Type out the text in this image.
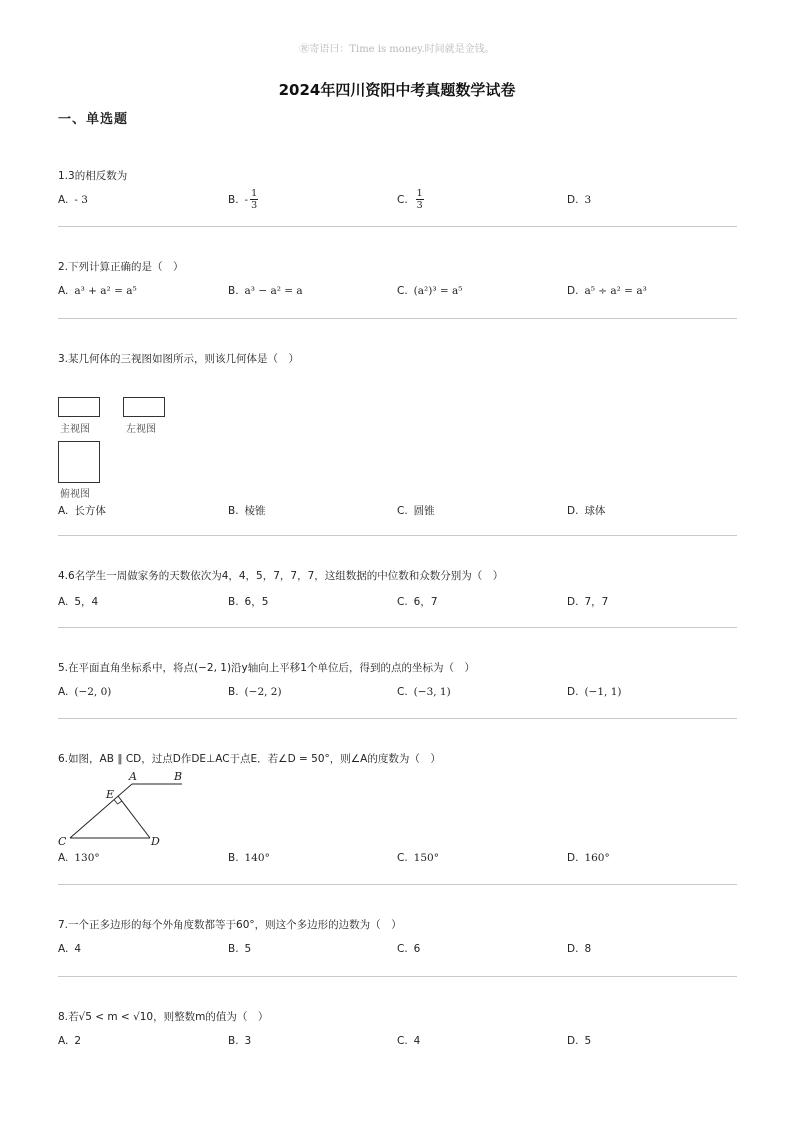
㊗寄语曰：Time is money.时间就是金钱。
2024年四川资阳中考真题数学试卷
一、单选题
1.3的相反数为
A. - 3	B. - $\frac{1}{3}$	C. $\frac{1}{3}$	D. 3
2.下列计算正确的是（　）
A. a³ + a² = a⁵	B. a³ − a² = a	C. (a²)³ = a⁵	D. a⁵ ÷ a² = a³
3.某几何体的三视图如图所示，则该几何体是（　）
主视图	左视图
俯视图
A. 长方体	B. 棱锥	C. 圆锥	D. 球体
4.6名学生一周做家务的天数依次为4，4，5，7，7，7，这组数据的中位数和众数分别为（　）
A. 5，4	B. 6，5	C. 6，7	D. 7，7
5.在平面直角坐标系中，将点(−2, 1)沿y轴向上平移1个单位后，得到的点的坐标为（　）
A. (−2, 0)	B. (−2, 2)	C. (−3, 1)	D. (−1, 1)
6.如图，AB ∥ CD，过点D作DE⊥AC于点E．若∠D = 50°，则∠A的度数为（　）
A	B
E
C	D
A. 130°	B. 140°	C. 150°	D. 160°
7.一个正多边形的每个外角度数都等于60°，则这个多边形的边数为（　）
A. 4	B. 5	C. 6	D. 8
8.若√5 < m < √10，则整数m的值为（　）
A. 2	B. 3	C. 4	D. 5
